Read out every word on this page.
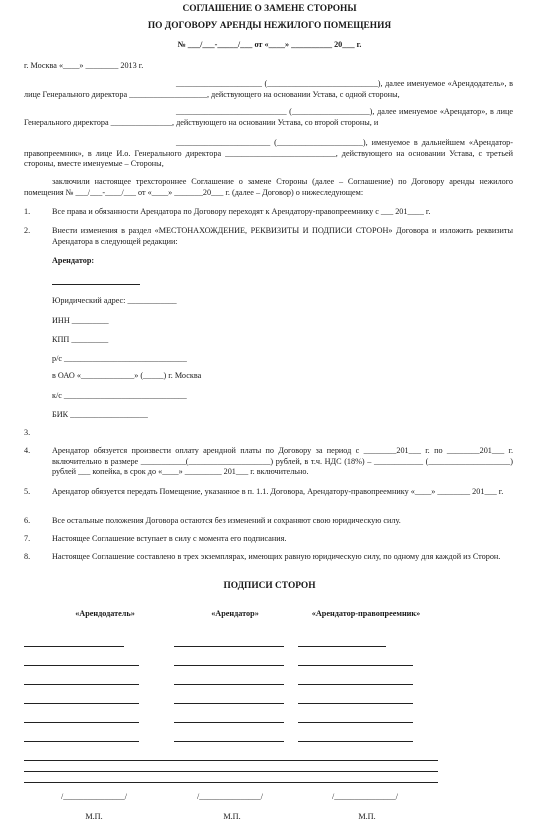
СОГЛАШЕНИЕ О ЗАМЕНЕ СТОРОНЫ
ПО ДОГОВОРУ АРЕНДЫ НЕЖИЛОГО ПОМЕЩЕНИЯ
№ ___/___-_____/___ от «____» __________ 20___ г.
г. Москва «____» ________ 2013 г.
_____________________ (___________________________), далее именуемое «Арендодатель», в лице Генерального директора ___________________, действующего на основании Устава, с одной стороны,
___________________________ (___________________), далее именуемое «Арендатор», в лице Генерального директора _______________, действующего на основании Устава, со второй стороны, и
_______________________ (_____________________), именуемое в дальнейшем «Арендатор-правопреемник», в лице И.о. Генерального директора ___________________________, действующего на основании Устава, с третьей стороны, вместе именуемые – Стороны,
заключили настоящее трехстороннее Соглашение о замене Стороны (далее – Соглашение) по Договору аренды нежилого помещения № ___/___-____/___ от «____» _______20___ г. (далее – Договор) о нижеследующем:
1.	Все права и обязанности Арендатора по Договору переходят к Арендатору-правопреемнику с ___ 201____ г.
2.	Внести изменения в раздел «МЕСТОНАХОЖДЕНИЕ, РЕКВИЗИТЫ И ПОДПИСИ СТОРОН» Договора и изложить реквизиты Арендатора в следующей редакции:
Арендатор:
Юридический адрес: ____________
ИНН _________
КПП _________
р/с ______________________________
в ОАО «_____________» (_____) г. Москва
к/с ______________________________
БИК ___________________
3.
4.	Арендатор обязуется произвести оплату арендной платы по Договору за период с ________201___ г. по ________201___ г. включительно в размере ___________(____________________) рублей, в т.ч. НДС (18%) – ____________ (____________________) рублей ___ копейка, в срок до «____» _________ 201___ г. включительно.
5.	Арендатор обязуется передать Помещение, указанное в п. 1.1. Договора, Арендатору-правопреемнику «____» ________ 201___ г.
6.	Все остальные положения Договора остаются без изменений и сохраняют свою юридическую силу.
7.	Настоящее Соглашение вступает в силу с момента его подписания.
8.	Настоящее Соглашение составлено в трех экземплярах, имеющих равную юридическую силу, по одному для каждой из Сторон.
ПОДПИСИ СТОРОН
«Арендодатель»	«Арендатор»	«Арендатор-правопреемник»
/_______________/	/_______________/	/_______________/
М.П.	М.П.	М.П.
